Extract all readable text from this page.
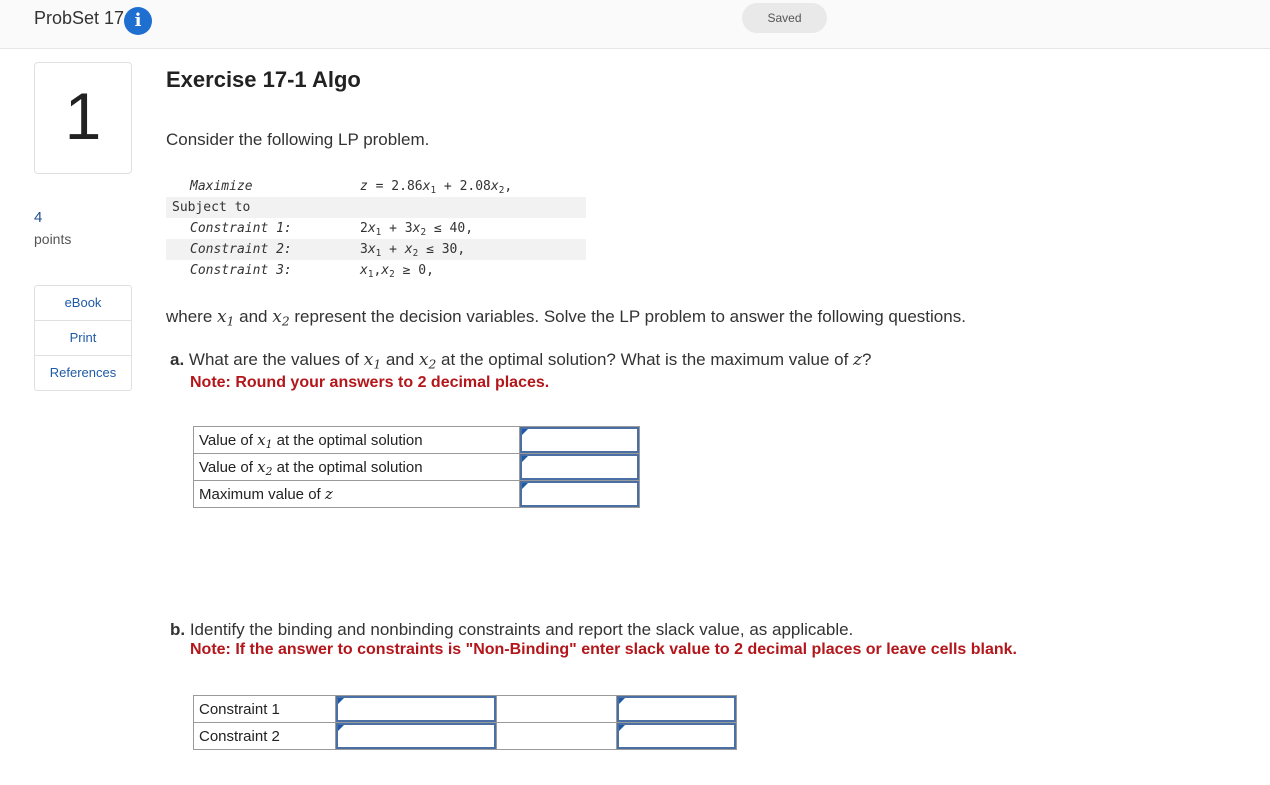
ProbSet 17 i	Saved
1
4
points
eBook
Print
References
Exercise 17-1 Algo
Consider the following LP problem.
Maximize	$z = 2.86x_1 + 2.08x_2$,
Subject to
Constraint 1:	$2x_1 + 3x_2 \le 40$,
Constraint 2:	$3x_1 + x_2 \le 30$,
Constraint 3:	$x_1,x_2 \ge 0$,
where $x_1$ and $x_2$ represent the decision variables. Solve the LP problem to answer the following questions.
a. What are the values of $x_1$ and $x_2$ at the optimal solution? What is the maximum value of z?
Note: Round your answers to 2 decimal places.
Value of $x_1$ at the optimal solution	

Value of $x_2$ at the optimal solution	

Maximum value of z	
b. Identify the binding and nonbinding constraints and report the slack value, as applicable.
Note: If the answer to constraints is "Non-Binding" enter slack value to 2 decimal places or leave cells blank.
Constraint 1	

Constraint 2	
